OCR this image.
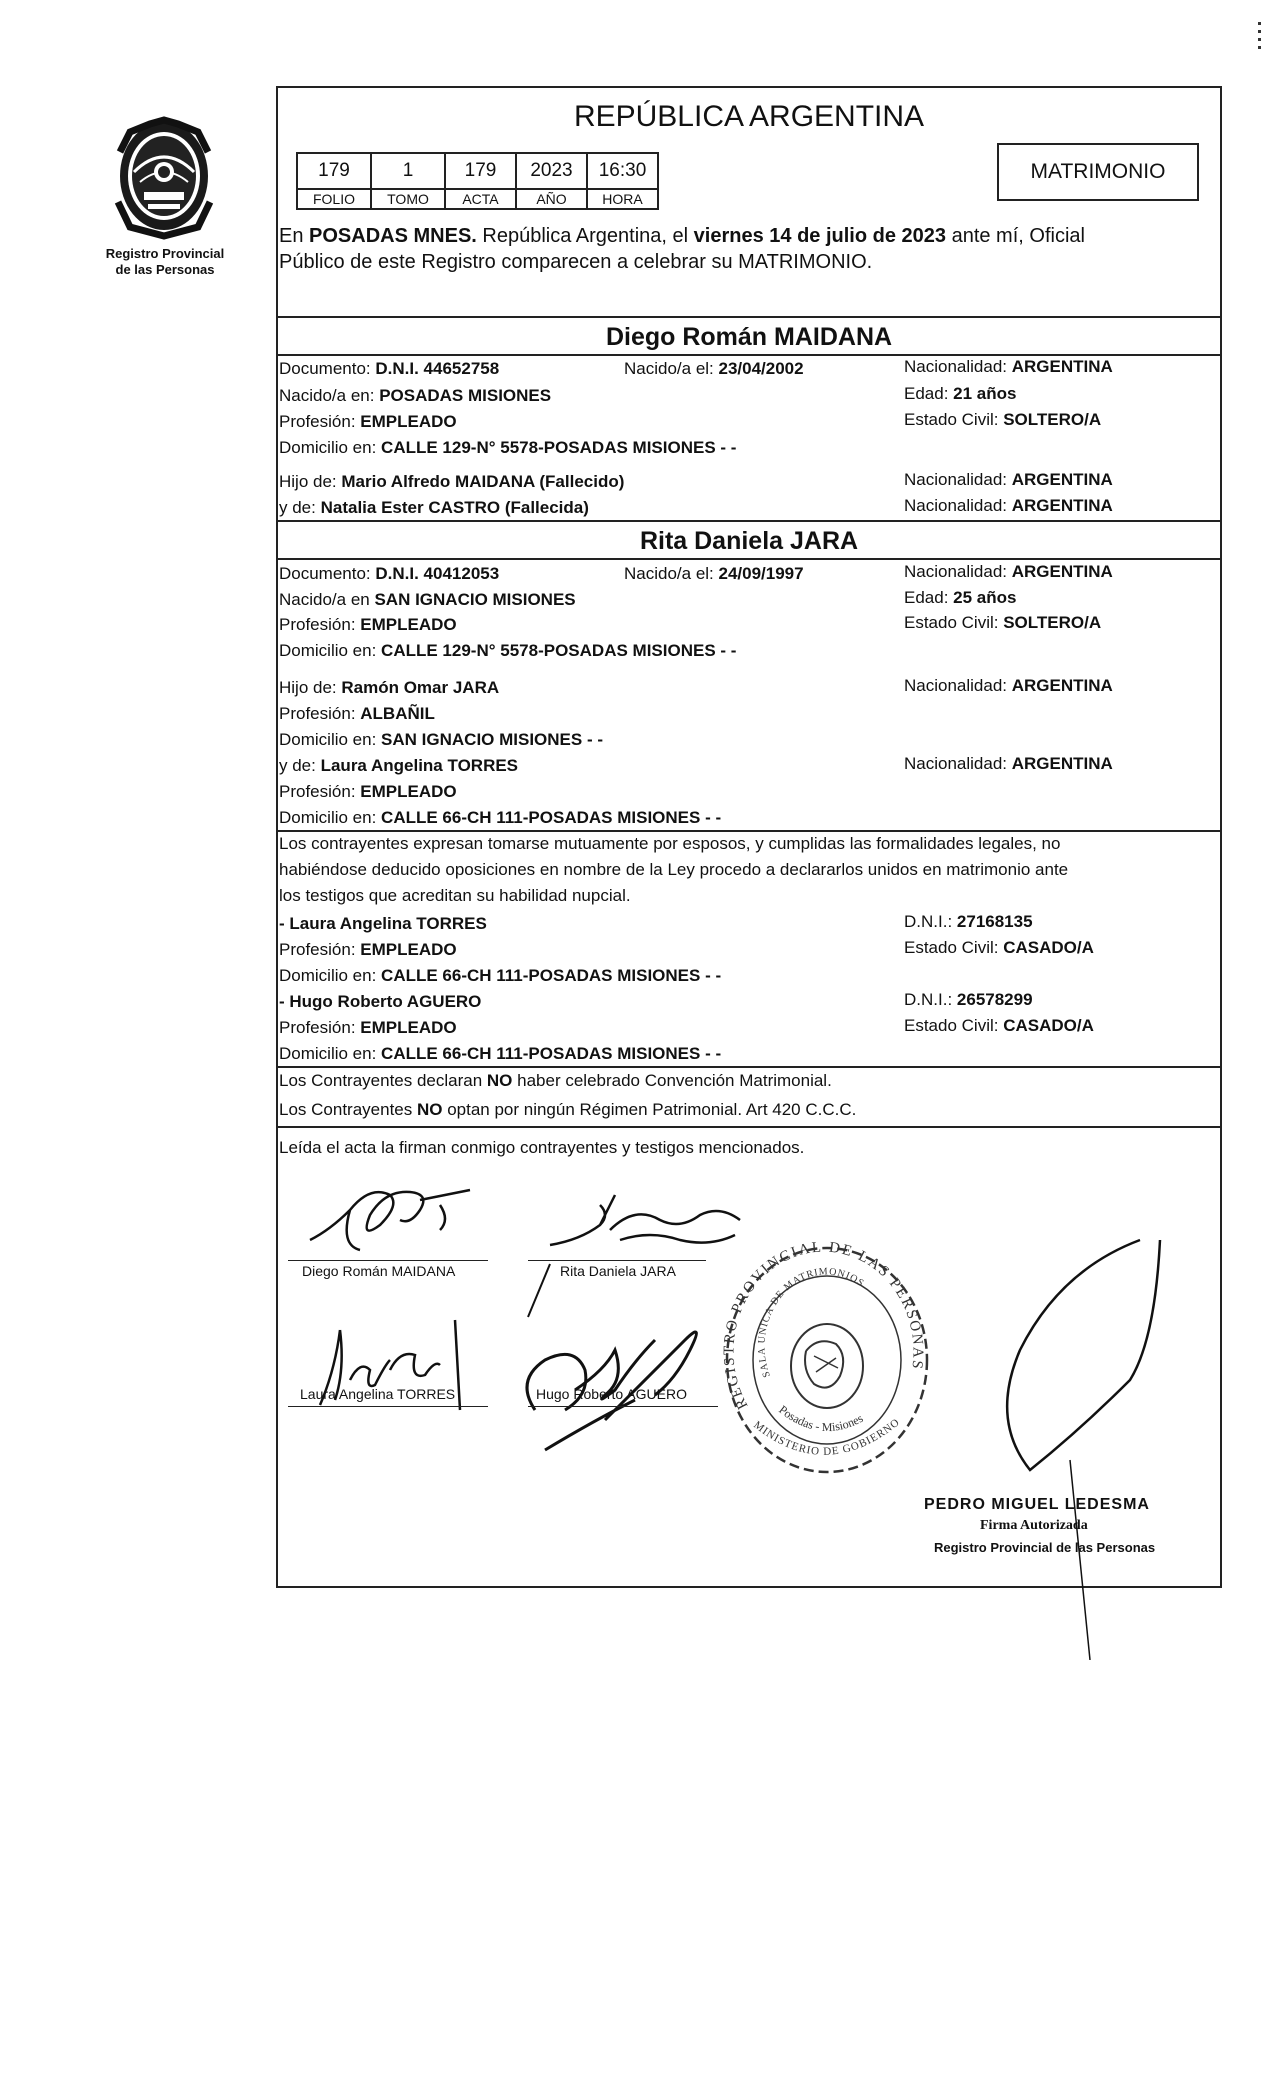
Registro Provincial
de las Personas
REPÚBLICA ARGENTINA
179	1	179	2023	16:30
FOLIO	TOMO	ACTA	AÑO	HORA
MATRIMONIO
En POSADAS MNES. República Argentina, el viernes 14 de julio de 2023 ante mí, Oficial
Público de este Registro comparecen a celebrar su MATRIMONIO.
Diego Román MAIDANA
Documento: D.N.I. 44652758	Nacido/a el: 23/04/2002	Nacionalidad: ARGENTINA
Nacido/a en: POSADAS MISIONES	Edad: 21 años
Profesión: EMPLEADO	Estado Civil: SOLTERO/A
Domicilio en: CALLE 129-N° 5578-POSADAS MISIONES - -
Hijo de: Mario Alfredo MAIDANA (Fallecido)	Nacionalidad: ARGENTINA
y de: Natalia Ester CASTRO (Fallecida)	Nacionalidad: ARGENTINA
Rita Daniela JARA
Documento: D.N.I. 40412053	Nacido/a el: 24/09/1997	Nacionalidad: ARGENTINA
Nacido/a en SAN IGNACIO MISIONES	Edad: 25 años
Profesión: EMPLEADO	Estado Civil: SOLTERO/A
Domicilio en: CALLE 129-N° 5578-POSADAS MISIONES - -
Hijo de: Ramón Omar JARA	Nacionalidad: ARGENTINA
Profesión: ALBAÑIL
Domicilio en: SAN IGNACIO MISIONES - -
y de: Laura Angelina TORRES	Nacionalidad: ARGENTINA
Profesión: EMPLEADO
Domicilio en: CALLE 66-CH 111-POSADAS MISIONES - -
Los contrayentes expresan tomarse mutuamente por esposos, y cumplidas las formalidades legales, no
habiéndose deducido oposiciones en nombre de la Ley procedo a declararlos unidos en matrimonio ante
los testigos que acreditan su habilidad nupcial.
- Laura Angelina TORRES	D.N.I.: 27168135
Profesión: EMPLEADO	Estado Civil: CASADO/A
Domicilio en: CALLE 66-CH 111-POSADAS MISIONES - -
- Hugo Roberto AGUERO	D.N.I.: 26578299
Profesión: EMPLEADO	Estado Civil: CASADO/A
Domicilio en: CALLE 66-CH 111-POSADAS MISIONES - -
Los Contrayentes declaran NO haber celebrado Convención Matrimonial.
Los Contrayentes NO optan por ningún Régimen Patrimonial. Art 420 C.C.C.
Leída el acta la firman conmigo contrayentes y testigos mencionados.
Diego Román MAIDANA	Rita Daniela JARA
Laura Angelina TORRES	Hugo Roberto AGUERO	REGISTRO PROVINCIAL DE LAS PERSONAS
SALA UNICA DE MATRIMONIOS
Posadas - Misiones
MINISTERIO DE GOBIERNO
PEDRO MIGUEL LEDESMA
Firma Autorizada
Registro Provincial de las Personas
